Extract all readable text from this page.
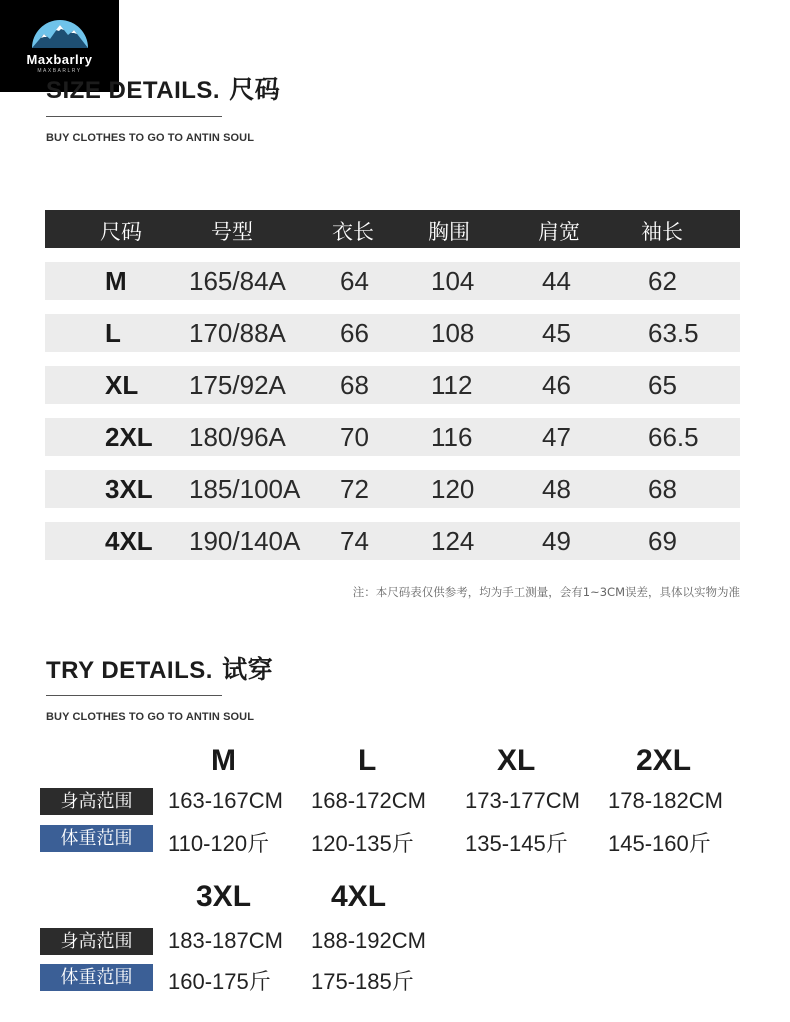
Maxbarlry
MAXBARLRY
SIZE DETAILS. 尺码
BUY CLOTHES TO GO TO ANTIN SOUL
尺码	号型	衣长	胸围	肩宽	袖长
M 165/84A 64 104	44	62
L	170/88A 66 108	45	63.5
XL 175/92A 68 112	46	65
2XL 180/96A 70 116	47	66.5
3XL 185/100A 72 120	48	68
4XL 190/140A 74 124	49	69
注：本尺码表仅供参考，均为手工测量，会有1~3CM误差，具体以实物为准
TRY DETAILS. 试穿
BUY CLOTHES TO GO TO ANTIN SOUL
M	L	XL	2XL
身高范围	163-167CM 168-172CM 173-177CM 178-182CM
体重范围	110-120斤 120-135斤 135-145斤 145-160斤
3XL	4XL
身高范围	183-187CM 188-192CM
体重范围	160-175斤 175-185斤
